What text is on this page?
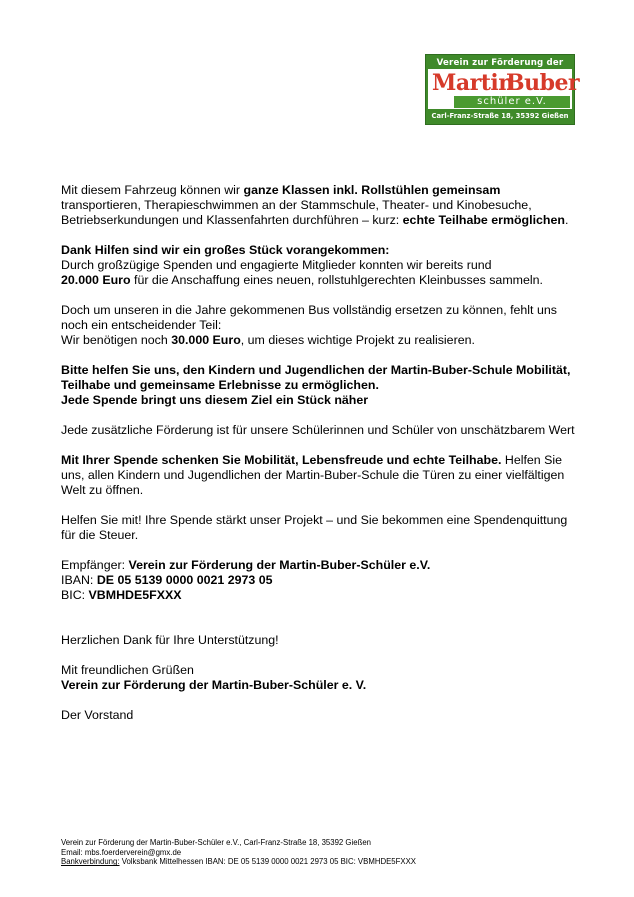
Verein zur Förderung der
Martin
Buber
schüler e.V.
Carl-Franz-Straße 18, 35392 Gießen

Mit diesem Fahrzeug können wir ganze Klassen inkl. Rollstühlen gemeinsam transportieren, Therapieschwimmen an der Stammschule, Theater- und Kinobesuche, Betriebserkundungen und Klassenfahrten durchführen – kurz: echte Teilhabe ermöglichen.

Dank Hilfen sind wir ein großes Stück vorangekommen:
Durch großzügige Spenden und engagierte Mitglieder konnten wir bereits rund
20.000 Euro für die Anschaffung eines neuen, rollstuhlgerechten Kleinbusses sammeln.

Doch um unseren in die Jahre gekommenen Bus vollständig ersetzen zu können, fehlt uns noch ein entscheidender Teil:
Wir benötigen noch 30.000 Euro, um dieses wichtige Projekt zu realisieren.

Bitte helfen Sie uns, den Kindern und Jugendlichen der Martin-Buber-Schule Mobilität, Teilhabe und gemeinsame Erlebnisse zu ermöglichen.
Jede Spende bringt uns diesem Ziel ein Stück näher

Jede zusätzliche Förderung ist für unsere Schülerinnen und Schüler von unschätzbarem Wert

Mit Ihrer Spende schenken Sie Mobilität, Lebensfreude und echte Teilhabe. Helfen Sie uns, allen Kindern und Jugendlichen der Martin-Buber-Schule die Türen zu einer vielfältigen Welt zu öffnen.

Helfen Sie mit! Ihre Spende stärkt unser Projekt – und Sie bekommen eine Spendenquittung für die Steuer.

Empfänger: Verein zur Förderung der Martin-Buber-Schüler e.V.
IBAN: DE 05 5139 0000 0021 2973 05
BIC: VBMHDE5FXXX

Herzlichen Dank für Ihre Unterstützung!

Mit freundlichen Grüßen
Verein zur Förderung der Martin-Buber-Schüler e. V.

Der Vorstand

Verein zur Förderung der Martin-Buber-Schüler e.V., Carl-Franz-Straße 18, 35392 Gießen
Email: mbs.foerderverein@gmx.de
Bankverbindung: Volksbank Mittelhessen IBAN: DE 05 5139 0000 0021 2973 05 BIC: VBMHDE5FXXX
